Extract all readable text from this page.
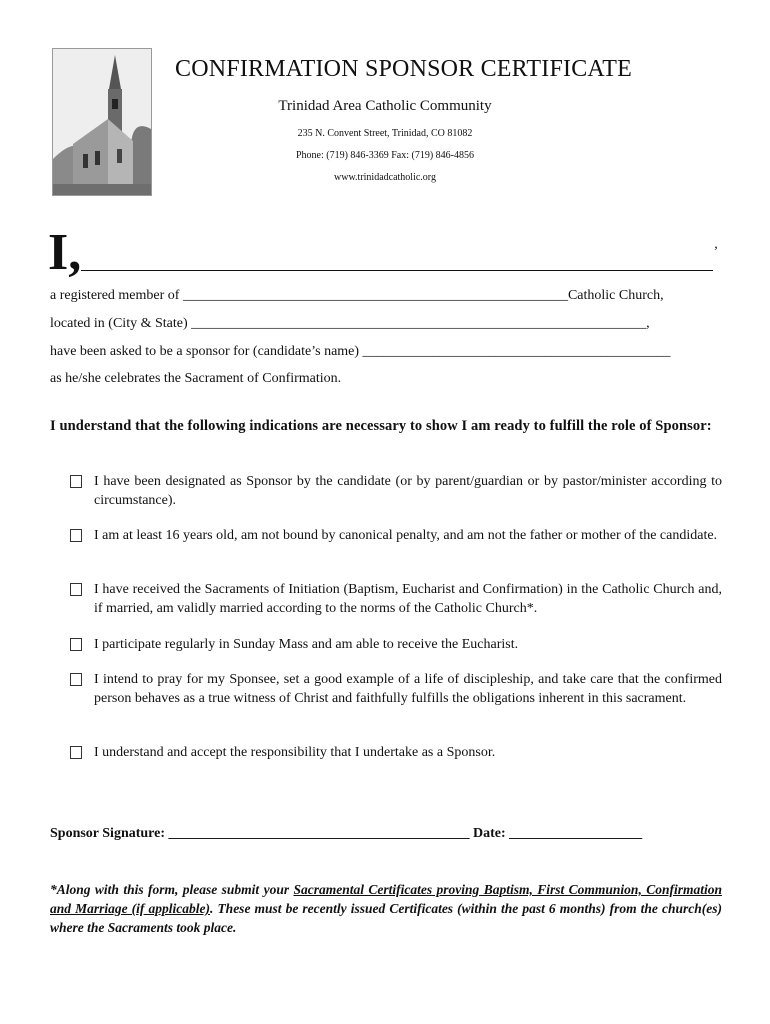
CONFIRMATION SPONSOR CERTIFICATE
Trinidad Area Catholic Community
235 N. Convent Street, Trinidad, CO 81082
Phone: (719) 846-3369 Fax: (719) 846-4856
www.trinidadcatholic.org
I,	,
a registered member of _______________________________________________________Catholic Church,
located in (City & State) _________________________________________________________________,
have been asked to be a sponsor for (candidate’s name) ____________________________________________
as he/she celebrates the Sacrament of Confirmation.
I understand that the following indications are necessary to show I am ready to fulfill the role of Sponsor:
I have been designated as Sponsor by the candidate (or by parent/guardian or by pastor/minister according to circumstance).
I am at least 16 years old, am not bound by canonical penalty, and am not the father or mother of the candidate.
I have received the Sacraments of Initiation (Baptism, Eucharist and Confirmation) in the Catholic Church and, if married, am validly married according to the norms of the Catholic Church*.
I participate regularly in Sunday Mass and am able to receive the Eucharist.
I intend to pray for my Sponsee, set a good example of a life of discipleship, and take care that the confirmed person behaves as a true witness of Christ and faithfully fulfills the obligations inherent in this sacrament.
I understand and accept the responsibility that I undertake as a Sponsor.
Sponsor Signature: ___________________________________________ Date: ___________________
*Along with this form, please submit your Sacramental Certificates proving Baptism, First Communion, Confirmation and Marriage (if applicable). These must be recently issued Certificates (within the past 6 months) from the church(es) where the Sacraments took place.
